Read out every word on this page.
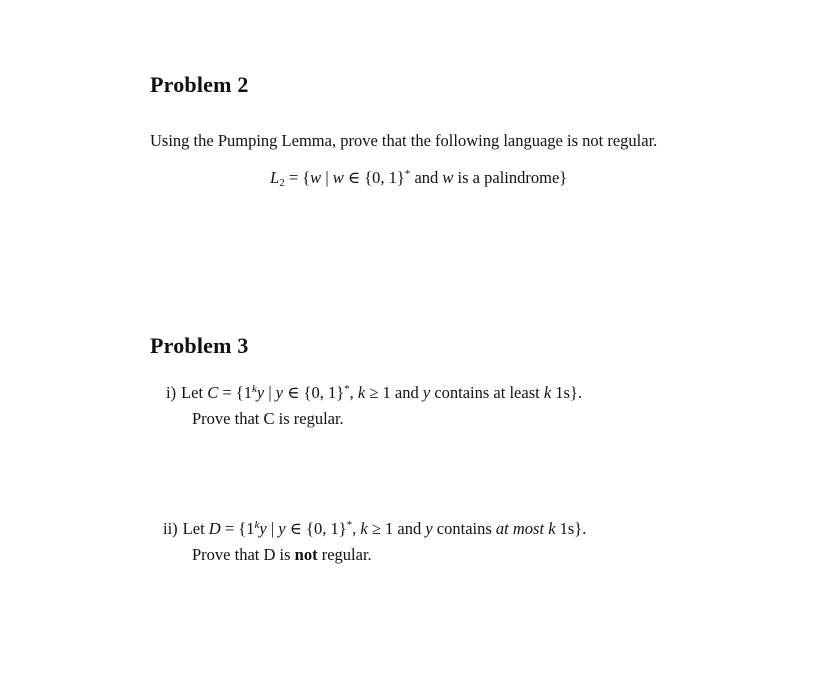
Problem 2
Using the Pumping Lemma, prove that the following language is not regular.
$L_2 = \{w$ | w ∈ {0, 1}* and w is a palindrome}
Problem 3
i) Let $C = \{1^ky$ | y ∈ {0, 1}*, k ≥ 1 and y contains at least k 1s}.
Prove that C is regular.
ii) Let $D = \{1^ky$ | y ∈ {0, 1}*, k ≥ 1 and y contains at most k 1s}.
Prove that D is not regular.
